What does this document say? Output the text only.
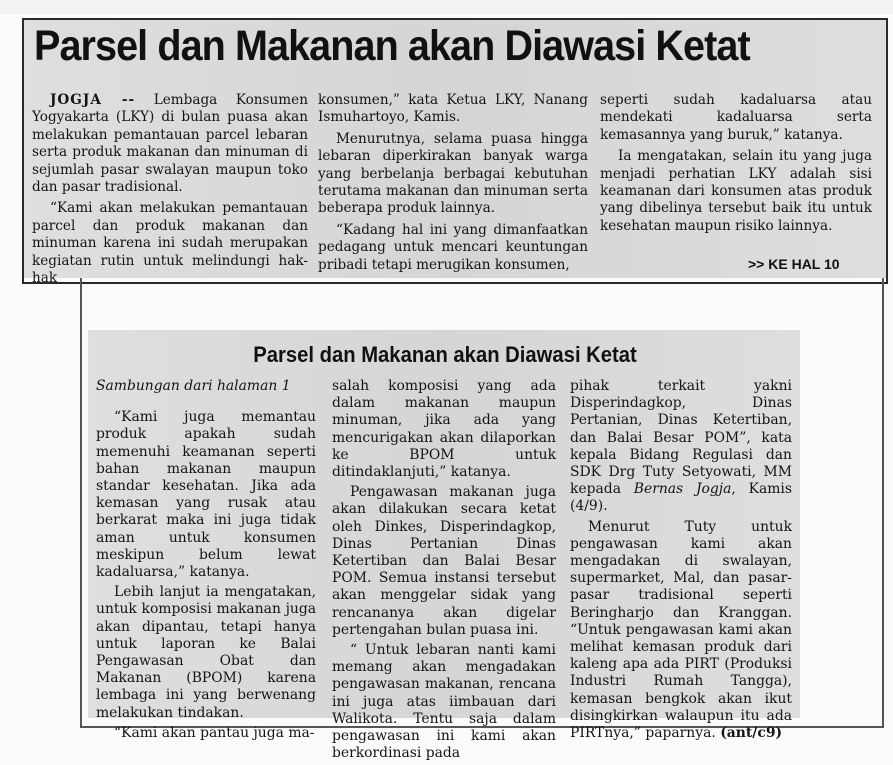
Parsel dan Makanan akan Diawasi Ketat

JOGJA -- Lembaga Konsumen Yogyakarta (LKY) di bulan puasa akan melakukan pemantauan parcel lebaran serta produk makanan dan minuman di sejumlah pasar swalayan maupun toko dan pasar tradisional.

“Kami akan melakukan pemantauan parcel dan produk makanan dan minuman karena ini sudah merupakan kegiatan rutin untuk melindungi hak-hak

konsumen,” kata Ketua LKY, Nanang Ismuhartoyo, Kamis.

Menurutnya, selama puasa hingga lebaran diperkirakan banyak warga yang berbelanja berbagai kebutuhan terutama makanan dan minuman serta beberapa produk lainnya.

“Kadang hal ini yang dimanfaatkan pedagang untuk mencari keuntungan pribadi tetapi merugikan konsumen,

seperti sudah kadaluarsa atau mendekati kadaluarsa serta kemasannya yang buruk,” katanya.

Ia mengatakan, selain itu yang juga menjadi perhatian LKY adalah sisi keamanan dari konsumen atas produk yang dibelinya tersebut baik itu untuk kesehatan maupun risiko lainnya.

>> KE HAL 10
Parsel dan Makanan akan Diawasi Ketat

Sambungan dari halaman 1

“Kami juga memantau produk apakah sudah memenuhi keamanan seperti bahan makanan maupun standar kesehatan. Jika ada kemasan yang rusak atau berkarat maka ini juga tidak aman untuk konsumen meskipun belum lewat kadaluarsa,” katanya.

Lebih lanjut ia mengatakan, untuk komposisi makanan juga akan dipantau, tetapi hanya untuk laporan ke Balai Pengawasan Obat dan Makanan (BPOM) karena lembaga ini yang berwenang melakukan tindakan.

“Kami akan pantau juga ma-

salah komposisi yang ada dalam makanan maupun minuman, jika ada yang mencurigakan akan dilaporkan ke BPOM untuk ditindaklanjuti,” katanya.

Pengawasan makanan juga akan dilakukan secara ketat oleh Dinkes, Disperindagkop, Dinas Pertanian Dinas Ketertiban dan Balai Besar POM. Semua instansi tersebut akan menggelar sidak yang rencananya akan digelar pertengahan bulan puasa ini.

“ Untuk lebaran nanti kami memang akan mengadakan pengawasan makanan, rencana ini juga atas iimbauan dari Walikota. Tentu saja dalam pengawasan ini kami akan berkordinasi pada

pihak terkait yakni Disperindagkop, Dinas Pertanian, Dinas Ketertiban, dan Balai Besar POM”, kata kepala Bidang Regulasi dan SDK Drg Tuty Setyowati, MM kepada Bernas Jogja, Kamis (4/9).

Menurut Tuty untuk pengawasan kami akan mengadakan di swalayan, supermarket, Mal, dan pasar-pasar tradisional seperti Beringharjo dan Kranggan. “Untuk pengawasan kami akan melihat kemasan produk dari kaleng apa ada PIRT (Produksi Industri Rumah Tangga), kemasan bengkok akan ikut disingkirkan walaupun itu ada PIRTnya,” paparnya. (ant/c9)
